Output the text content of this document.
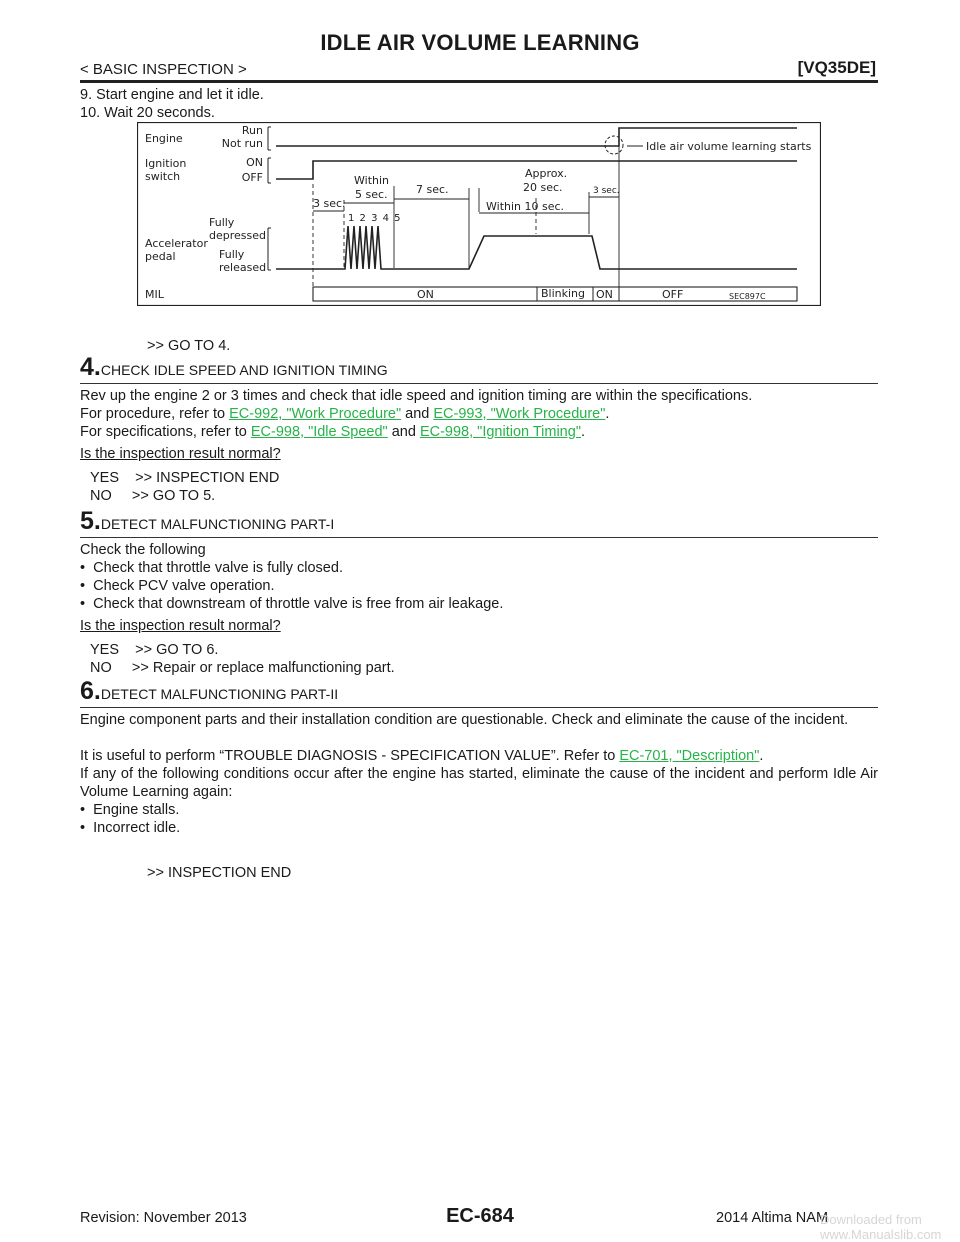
IDLE AIR VOLUME LEARNING
< BASIC INSPECTION >	[VQ35DE]
9. Start engine and let it idle.
10. Wait 20 seconds.
Engine
Run
Not run
Ignition
switch
ON
OFF
Accelerator
pedal
Fully
depressed
Fully
released
MIL
Idle air volume learning starts
3 sec.
Within
5 sec.	7 sec.
Approx.
20 sec.
Within 10 sec.
3 sec.
1 2 3 4 5
ON	Blinking ON	OFF	SEC897C
>> GO TO 4.
4.CHECK IDLE SPEED AND IGNITION TIMING
Rev up the engine 2 or 3 times and check that idle speed and ignition timing are within the specifications.
For procedure, refer to EC-992, "Work Procedure" and EC-993, "Work Procedure".
For specifications, refer to EC-998, "Idle Speed" and EC-998, "Ignition Timing".
Is the inspection result normal?
YES    >> INSPECTION END
NO     >> GO TO 5.
5.DETECT MALFUNCTIONING PART-I
Check the following
•  Check that throttle valve is fully closed.
•  Check PCV valve operation.
•  Check that downstream of throttle valve is free from air leakage.
Is the inspection result normal?
YES    >> GO TO 6.
NO     >> Repair or replace malfunctioning part.
6.DETECT MALFUNCTIONING PART-II
Engine component parts and their installation condition are questionable. Check and eliminate the cause of the incident.
It is useful to perform “TROUBLE DIAGNOSIS - SPECIFICATION VALUE”. Refer to EC-701, "Description".
If any of the following conditions occur after the engine has started, eliminate the cause of the incident and perform Idle Air Volume Learning again:
•  Engine stalls.
•  Incorrect idle.
>> INSPECTION END
Revision: November 2013	EC-684	2014 Altima NAM
Downloaded from www.Manualslib.com
